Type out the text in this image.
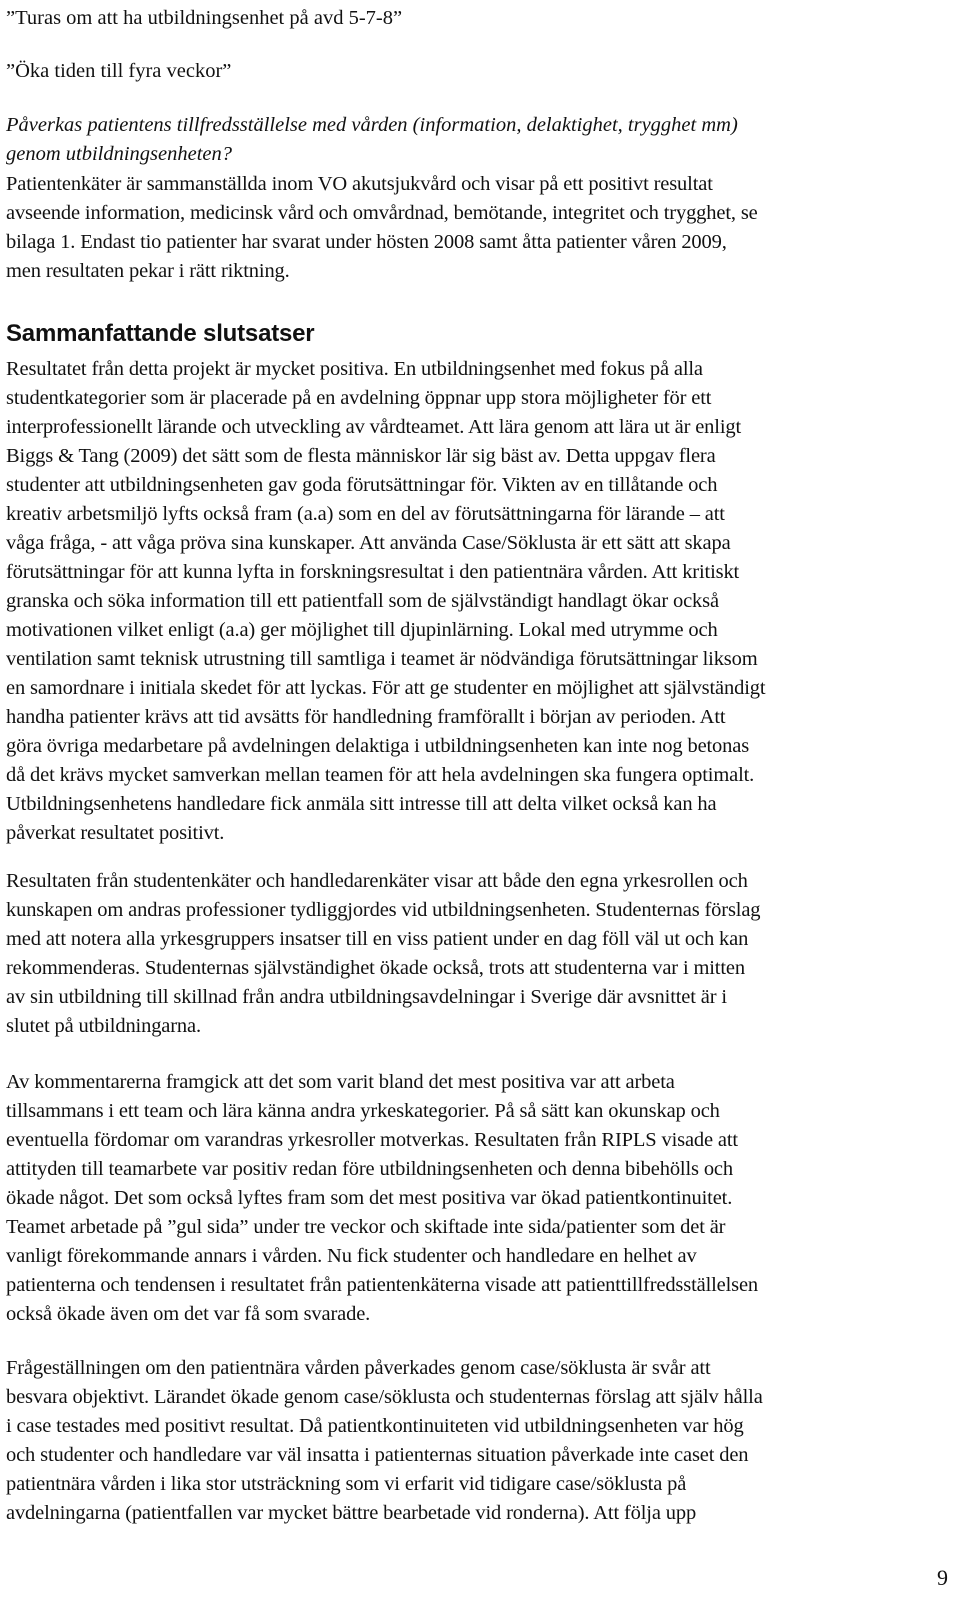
”Turas om att ha utbildningsenhet på avd 5-7-8”

”Öka tiden till fyra veckor”

Påverkas patientens tillfredsställelse med vården (information, delaktighet, trygghet mm)
genom utbildningsenheten?

Patientenkäter är sammanställda inom VO akutsjukvård och visar på ett positivt resultat
avseende information, medicinsk vård och omvårdnad, bemötande, integritet och trygghet, se
bilaga 1. Endast tio patienter har svarat under hösten 2008 samt åtta patienter våren 2009,
men resultaten pekar i rätt riktning.

Sammanfattande slutsatser

Resultatet från detta projekt är mycket positiva. En utbildningsenhet med fokus på alla
studentkategorier som är placerade på en avdelning öppnar upp stora möjligheter för ett
interprofessionellt lärande och utveckling av vårdteamet. Att lära genom att lära ut är enligt
Biggs & Tang (2009) det sätt som de flesta människor lär sig bäst av. Detta uppgav flera
studenter att utbildningsenheten gav goda förutsättningar för. Vikten av en tillåtande och
kreativ arbetsmiljö lyfts också fram (a.a) som en del av förutsättningarna för lärande – att
våga fråga, - att våga pröva sina kunskaper. Att använda Case/Söklusta är ett sätt att skapa
förutsättningar för att kunna lyfta in forskningsresultat i den patientnära vården. Att kritiskt
granska och söka information till ett patientfall som de självständigt handlagt ökar också
motivationen vilket enligt (a.a) ger möjlighet till djupinlärning. Lokal med utrymme och
ventilation samt teknisk utrustning till samtliga i teamet är nödvändiga förutsättningar liksom
en samordnare i initiala skedet för att lyckas. För att ge studenter en möjlighet att självständigt
handha patienter krävs att tid avsätts för handledning framförallt i början av perioden. Att
göra övriga medarbetare på avdelningen delaktiga i utbildningsenheten kan inte nog betonas
då det krävs mycket samverkan mellan teamen för att hela avdelningen ska fungera optimalt.
Utbildningsenhetens handledare fick anmäla sitt intresse till att delta vilket också kan ha
påverkat resultatet positivt.

Resultaten från studentenkäter och handledarenkäter visar att både den egna yrkesrollen och
kunskapen om andras professioner tydliggjordes vid utbildningsenheten. Studenternas förslag
med att notera alla yrkesgruppers insatser till en viss patient under en dag föll väl ut och kan
rekommenderas. Studenternas självständighet ökade också, trots att studenterna var i mitten
av sin utbildning till skillnad från andra utbildningsavdelningar i Sverige där avsnittet är i
slutet på utbildningarna.

Av kommentarerna framgick att det som varit bland det mest positiva var att arbeta
tillsammans i ett team och lära känna andra yrkeskategorier. På så sätt kan okunskap och
eventuella fördomar om varandras yrkesroller motverkas. Resultaten från RIPLS visade att
attityden till teamarbete var positiv redan före utbildningsenheten och denna bibehölls och
ökade något. Det som också lyftes fram som det mest positiva var ökad patientkontinuitet.
Teamet arbetade på ”gul sida” under tre veckor och skiftade inte sida/patienter som det är
vanligt förekommande annars i vården. Nu fick studenter och handledare en helhet av
patienterna och tendensen i resultatet från patientenkäterna visade att patienttillfredsställelsen
också ökade även om det var få som svarade.

Frågeställningen om den patientnära vården påverkades genom case/söklusta är svår att
besvara objektivt. Lärandet ökade genom case/söklusta och studenternas förslag att själv hålla
i case testades med positivt resultat. Då patientkontinuiteten vid utbildningsenheten var hög
och studenter och handledare var väl insatta i patienternas situation påverkade inte caset den
patientnära vården i lika stor utsträckning som vi erfarit vid tidigare case/söklusta på
avdelningarna (patientfallen var mycket bättre bearbetade vid ronderna). Att följa upp

9
